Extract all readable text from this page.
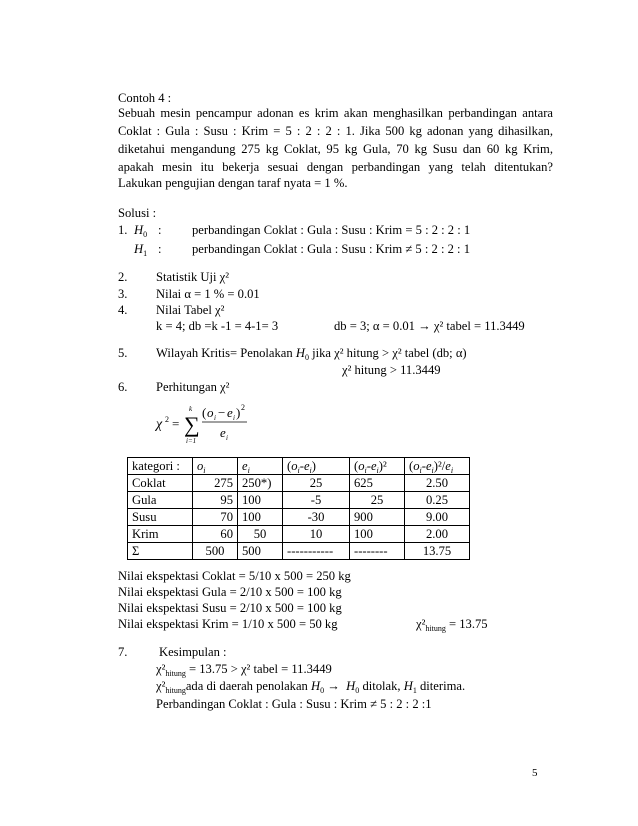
Contoh 4 :
Sebuah mesin pencampur adonan es krim akan menghasilkan perbandingan antara
Coklat : Gula : Susu : Krim = 5 : 2 : 2 : 1. Jika 500 kg adonan yang dihasilkan,
diketahui mengandung 275 kg Coklat, 95 kg Gula, 70 kg Susu dan 60 kg Krim,
apakah mesin itu bekerja sesuai dengan perbandingan yang telah ditentukan?
Lakukan pengujian dengan taraf nyata = 1 %.
Solusi :
1. $H_0$ : perbandingan Coklat : Gula : Susu : Krim = 5 : 2 : 2 : 1
$H_1$ : perbandingan Coklat : Gula : Susu : Krim ≠ 5 : 2 : 2 : 1
2. Statistik Uji χ²
3. Nilai α = 1 % = 0.01
4. Nilai Tabel χ²
k = 4; db =k -1 = 4-1= 3	db = 3; α = 0.01 → χ² tabel = 11.3449
5. Wilayah Kritis= Penolakan $H_0$ jika χ² hitung > χ² tabel (db; α)
χ² hitung > 11.3449
6. Perhitungan χ²
χ 2 = ∑
k
i=1
( o i − e i ) 2
e i
kategori :	$o_i$	$e_i$	$(o_i-e_i)$	$(o_i-e_i)^2$	$(o_i-e_i)^2/e_i$
Coklat	275	250*)	25	625	2.50
Gula	95	100	-5	25	0.25
Susu	70	100	-30	900	9.00
Krim	60	50	10	100	2.00
Σ	500	500	-----------	--------	13.75
Nilai ekspektasi Coklat = 5/10 x 500 = 250 kg
Nilai ekspektasi Gula = 2/10 x 500 = 100 kg
Nilai ekspektasi Susu = 2/10 x 500 = 100 kg
Nilai ekspektasi Krim = 1/10 x 500 = 50 kg	$\chi^2_{hitung} = 13.75$
7.	Kesimpulan :
$\chi^2_{hitung} = 13.75 > \chi^2$ tabel = 11.3449
$\chi^2_{hitung}ada$ di daerah penolakan $H_0 \to H_0$ ditolak, $H_1$ diterima.
Perbandingan Coklat : Gula : Susu : Krim ≠ 5 : 2 : 2 :1
5
